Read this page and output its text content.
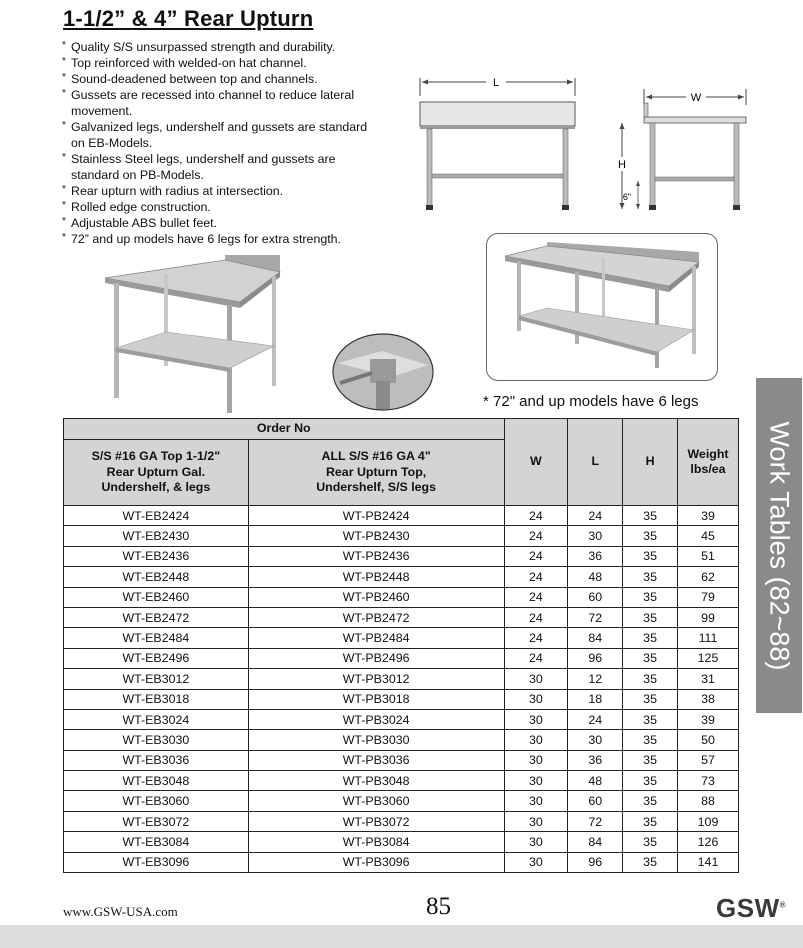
1-1/2” & 4” Rear Upturn
* Quality S/S unsurpassed strength and durability.
* Top reinforced with welded-on hat channel.
* Sound-deadened between top and channels.
* Gussets are recessed into channel to reduce lateral movement.
* Galvanized legs, undershelf and gussets are standard on EB-Models.
* Stainless Steel legs, undershelf and gussets are standard on PB-Models.
* Rear upturn with radius at intersection.
* Rolled edge construction.
* Adjustable ABS bullet feet.
* 72” and up models have 6 legs for extra strength.
L
W
H
6"
* 72" and up models have 6 legs
Work Tables (82~88)
Order No		W	L	H	Weight lbs/ea
S/S #16 GA Top 1-1/2" Rear Upturn Gal. Undershelf, & legs	ALL S/S #16 GA 4" Rear Upturn Top, Undershelf, S/S legs				
WT-EB2424	WT-PB2424	24	24	35	39
WT-EB2430	WT-PB2430	24	30	35	45
WT-EB2436	WT-PB2436	24	36	35	51
WT-EB2448	WT-PB2448	24	48	35	62
WT-EB2460	WT-PB2460	24	60	35	79
WT-EB2472	WT-PB2472	24	72	35	99
WT-EB2484	WT-PB2484	24	84	35	111
WT-EB2496	WT-PB2496	24	96	35	125
WT-EB3012	WT-PB3012	30	12	35	31
WT-EB3018	WT-PB3018	30	18	35	38
WT-EB3024	WT-PB3024	30	24	35	39
WT-EB3030	WT-PB3030	30	30	35	50
WT-EB3036	WT-PB3036	30	36	35	57
WT-EB3048	WT-PB3048	30	48	35	73
WT-EB3060	WT-PB3060	30	60	35	88
WT-EB3072	WT-PB3072	30	72	35	109
WT-EB3084	WT-PB3084	30	84	35	126
WT-EB3096	WT-PB3096	30	96	35	141
www.GSW-USA.com	85	GSW®
